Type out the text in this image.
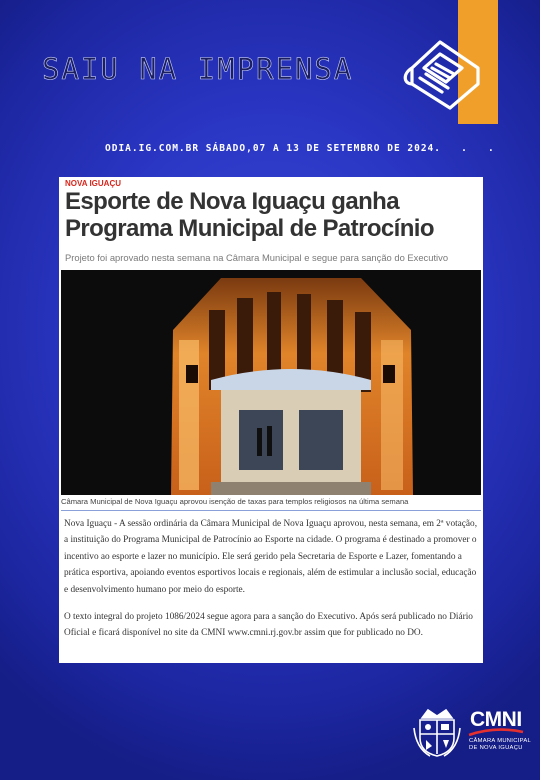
SAIU NA IMPRENSA
ODIA.IG.COM.BR SÁBADO,07 A 13 DE SETEMBRO DE 2024.   .   .
NOVA IGUAÇU
Esporte de Nova Iguaçu ganha Programa Municipal de Patrocínio
Projeto foi aprovado nesta semana na Câmara Municipal e segue para sanção do Executivo
Câmara Municipal de Nova Iguaçu aprovou isenção de taxas para templos religiosos na última semana

Nova Iguaçu - A sessão ordinária da Câmara Municipal de Nova Iguaçu aprovou, nesta semana, em 2ª votação, a instituição do Programa Municipal de Patrocínio ao Esporte na cidade. O programa é destinado a promover o incentivo ao esporte e lazer no município. Ele será gerido pela Secretaria de Esporte e Lazer, fomentando a prática esportiva, apoiando eventos esportivos locais e regionais, além de estimular a inclusão social, educação e desenvolvimento humano por meio do esporte.

O texto integral do projeto 1086/2024 segue agora para a sanção do Executivo. Após será publicado no Diário Oficial e ficará disponível no site da CMNI www.cmni.rj.gov.br assim que for publicado no DO.

CMNI
CÂMARA MUNICIPAL
DE NOVA IGUAÇU
